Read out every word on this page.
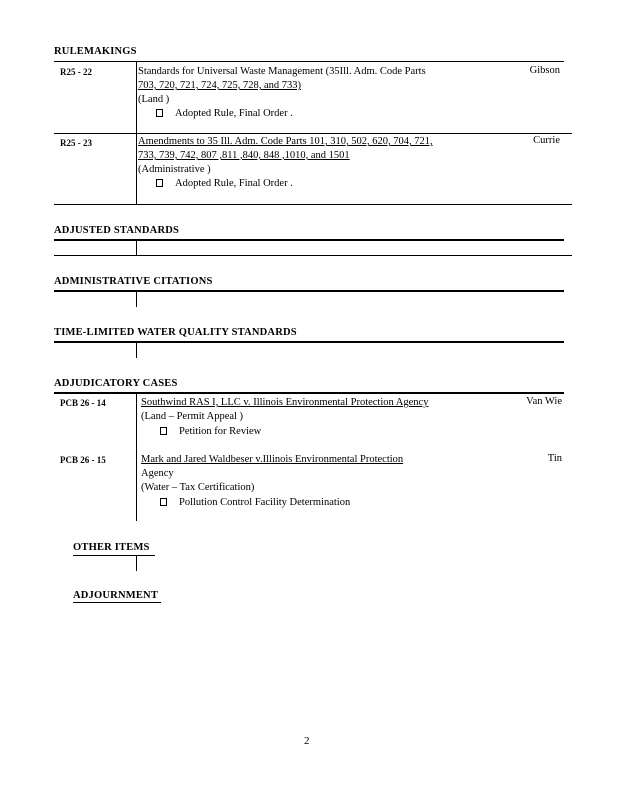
RULEMAKINGS
R25 - 22	Standards for Universal Waste Management (35Ill. Adm. Code Parts
703, 720, 721, 724, 725, 728, and 733)
(Land )
Adopted Rule, Final Order .
Gibson
R25 - 23	Amendments to 35 Ill. Adm. Code Parts 101, 310, 502, 620, 704, 721,
733, 739, 742, 807 ,811 ,840, 848 ,1010, and 1501
(Administrative )
Adopted Rule, Final Order .
Currie
ADJUSTED STANDARDS
ADMINISTRATIVE CITATIONS
TIME-LIMITED WATER QUALITY STANDARDS
ADJUDICATORY CASES
PCB 26 - 14	Southwind RAS I, LLC v. Illinois Environmental Protection Agency
(Land – Permit Appeal )
Petition for Review
Van Wie
PCB 26 - 15	Mark and Jared Waldbeser v.Illinois Environmental Protection
Agency
(Water – Tax Certification)
Pollution Control Facility Determination
Tin
OTHER ITEMS
ADJOURNMENT
2
